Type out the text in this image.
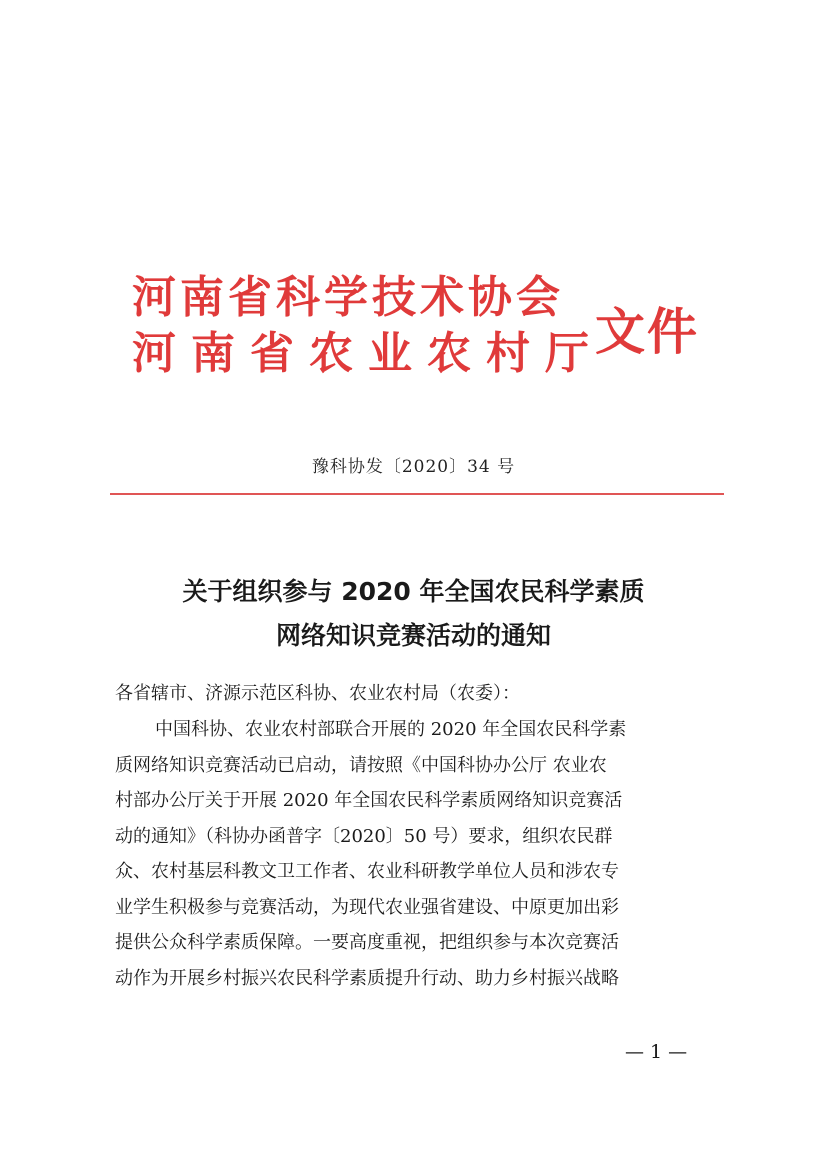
河南省科学技术协会
河南省农业农村厅
文件
豫科协发〔2020〕34 号
关于组织参与 2020 年全国农民科学素质
网络知识竞赛活动的通知
各省辖市、济源示范区科协、农业农村局（农委）：
中国科协、农业农村部联合开展的 2020 年全国农民科学素
质网络知识竞赛活动已启动，请按照《中国科协办公厅 农业农
村部办公厅关于开展 2020 年全国农民科学素质网络知识竞赛活
动的通知》（科协办函普字〔2020〕50 号）要求，组织农民群
众、农村基层科教文卫工作者、农业科研教学单位人员和涉农专
业学生积极参与竞赛活动，为现代农业强省建设、中原更加出彩
提供公众科学素质保障。一要高度重视，把组织参与本次竞赛活
动作为开展乡村振兴农民科学素质提升行动、助力乡村振兴战略
— 1 —
